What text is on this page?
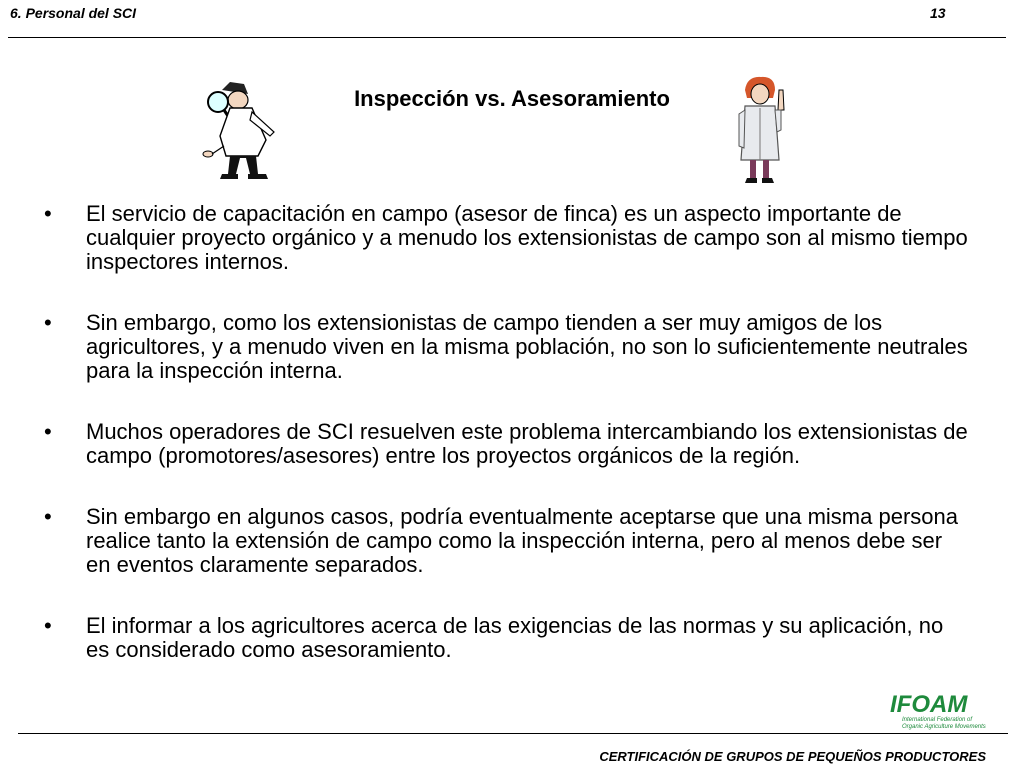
6. Personal del SCI	13
Inspección vs. Asesoramiento
• El servicio de capacitación en campo (asesor de finca) es un aspecto importante de cualquier proyecto orgánico y a menudo los extensionistas de campo son al mismo tiempo inspectores internos.
• Sin embargo, como los extensionistas de campo tienden a ser muy amigos de los agricultores, y a menudo viven en la misma población, no son lo suficientemente neutrales para la inspección interna.
• Muchos operadores de SCI resuelven este problema intercambiando los extensionistas de campo (promotores/asesores) entre los proyectos orgánicos de la región.
• Sin embargo en algunos casos, podría eventualmente aceptarse que una misma persona realice tanto la extensión de campo como la inspección interna, pero al menos debe ser en eventos claramente separados.
• El informar a los agricultores acerca de las exigencias de las normas y su aplicación, no es considerado como asesoramiento.
IFOAM
International Federation of
Organic Agriculture Movements
CERTIFICACIÓN DE GRUPOS DE PEQUEÑOS PRODUCTORES
